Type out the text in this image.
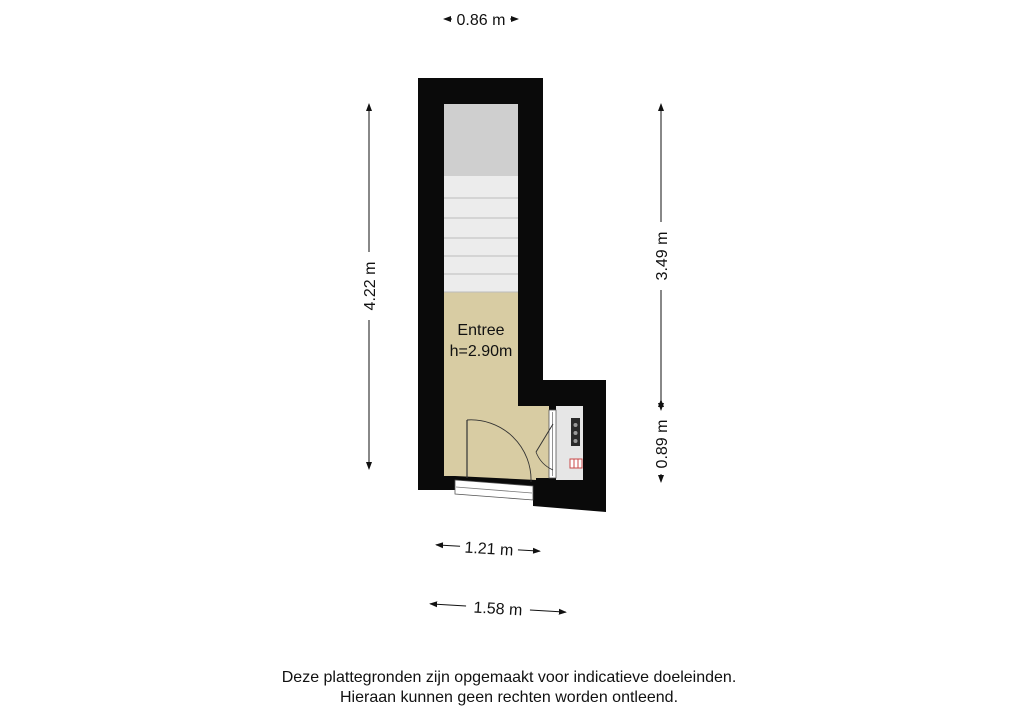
Entree
h=2.90m
0.86 m
4.22 m
3.49 m
0.89 m
1.21 m
1.58 m
Deze plattegronden zijn opgemaakt voor indicatieve doeleinden.
Hieraan kunnen geen rechten worden ontleend.
